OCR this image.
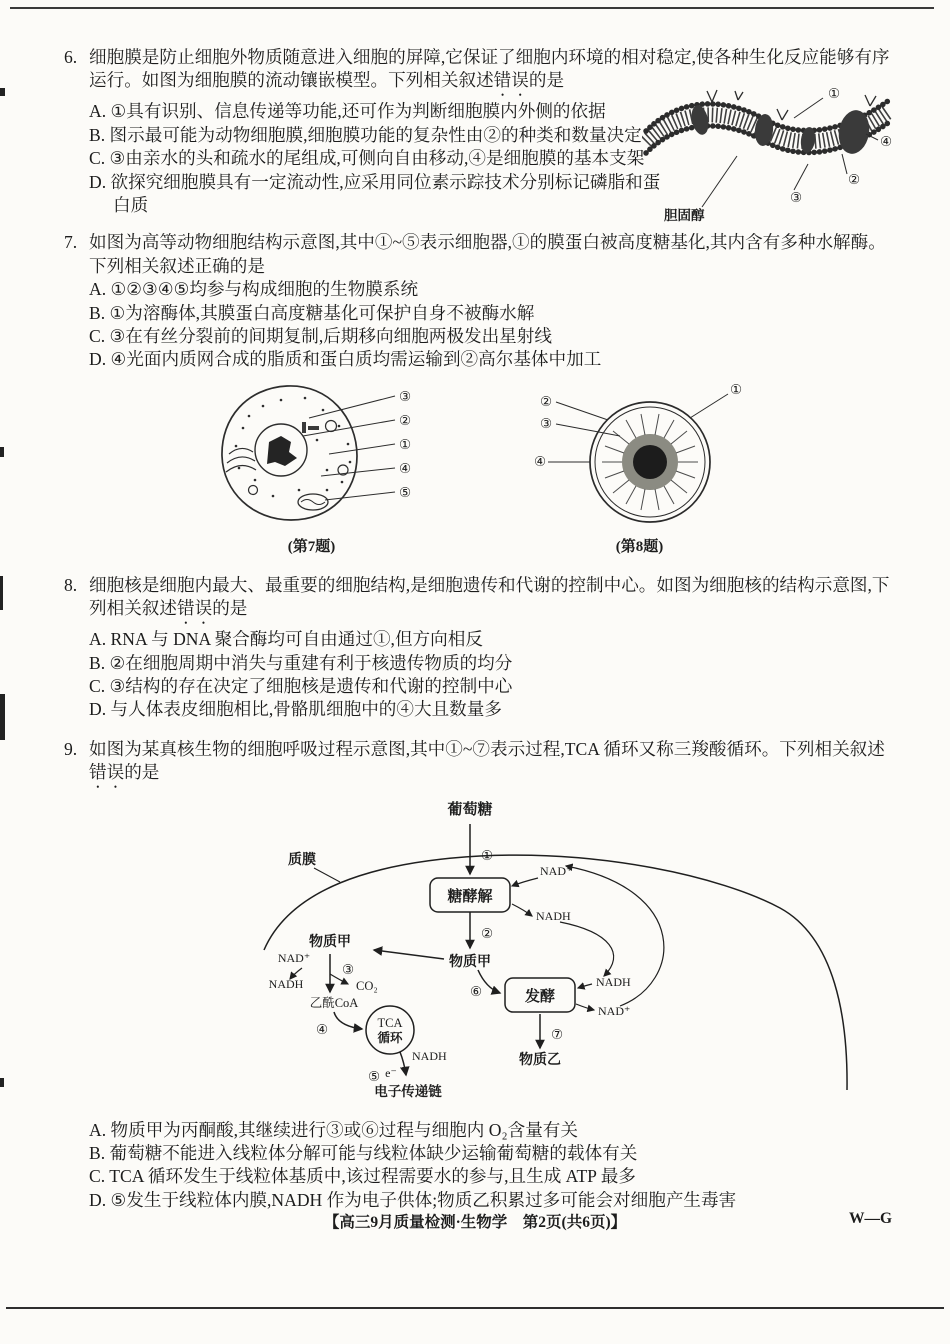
①
④
②
③
胆固醇

6. 细胞膜是防止细胞外物质随意进入细胞的屏障,它保证了细胞内环境的相对稳定,使各种生化反应能够有序运行。如图为细胞膜的流动镶嵌模型。下列相关叙述错误的是

A. ①具有识别、信息传递等功能,还可作为判断细胞膜内外侧的依据

B. 图示最可能为动物细胞膜,细胞膜功能的复杂性由②的种类和数量决定

C. ③由亲水的头和疏水的尾组成,可侧向自由移动,④是细胞膜的基本支架

D. 欲探究细胞膜具有一定流动性,应采用同位素示踪技术分别标记磷脂和蛋白质

7. 如图为高等动物细胞结构示意图,其中①~⑤表示细胞器,①的膜蛋白被高度糖基化,其内含有多种水解酶。下列相关叙述正确的是

A. ①②③④⑤均参与构成细胞的生物膜系统

B. ①为溶酶体,其膜蛋白高度糖基化可保护自身不被酶水解

C. ③在有丝分裂前的间期复制,后期移向细胞两极发出星射线

D. ④光面内质网合成的脂质和蛋白质均需运输到②高尔基体中加工

③
②
①
④
⑤
(第7题)
②
③
④
①
(第8题)

8. 细胞核是细胞内最大、最重要的细胞结构,是细胞遗传和代谢的控制中心。如图为细胞核的结构示意图,下列相关叙述错误的是

A. RNA 与 DNA 聚合酶均可自由通过①,但方向相反

B. ②在细胞周期中消失与重建有利于核遗传物质的均分

C. ③结构的存在决定了细胞核是遗传和代谢的控制中心

D. 与人体表皮细胞相比,骨骼肌细胞中的④大且数量多

9. 如图为某真核生物的细胞呼吸过程示意图,其中①~⑦表示过程,TCA 循环又称三羧酸循环。下列相关叙述错误的是

葡萄糖
质膜	①
糖酵解
NAD⁺
NADH
②
物质甲
物质甲
NAD⁺
NADH
③
CO₂
乙酰CoA
④	TCA
循环
NADH
e⁻
⑤
电子传递链
⑥	发酵
NADH
NAD⁺
⑦
物质乙

A. 物质甲为丙酮酸,其继续进行③或⑥过程与细胞内 O₂含量有关

B. 葡萄糖不能进入线粒体分解可能与线粒体缺少运输葡萄糖的载体有关

C. TCA 循环发生于线粒体基质中,该过程需要水的参与,且生成 ATP 最多

D. ⑤发生于线粒体内膜,NADH 作为电子供体;物质乙积累过多可能会对细胞产生毒害

【高三9月质量检测·生物学　第2页(共6页)】	W—G
